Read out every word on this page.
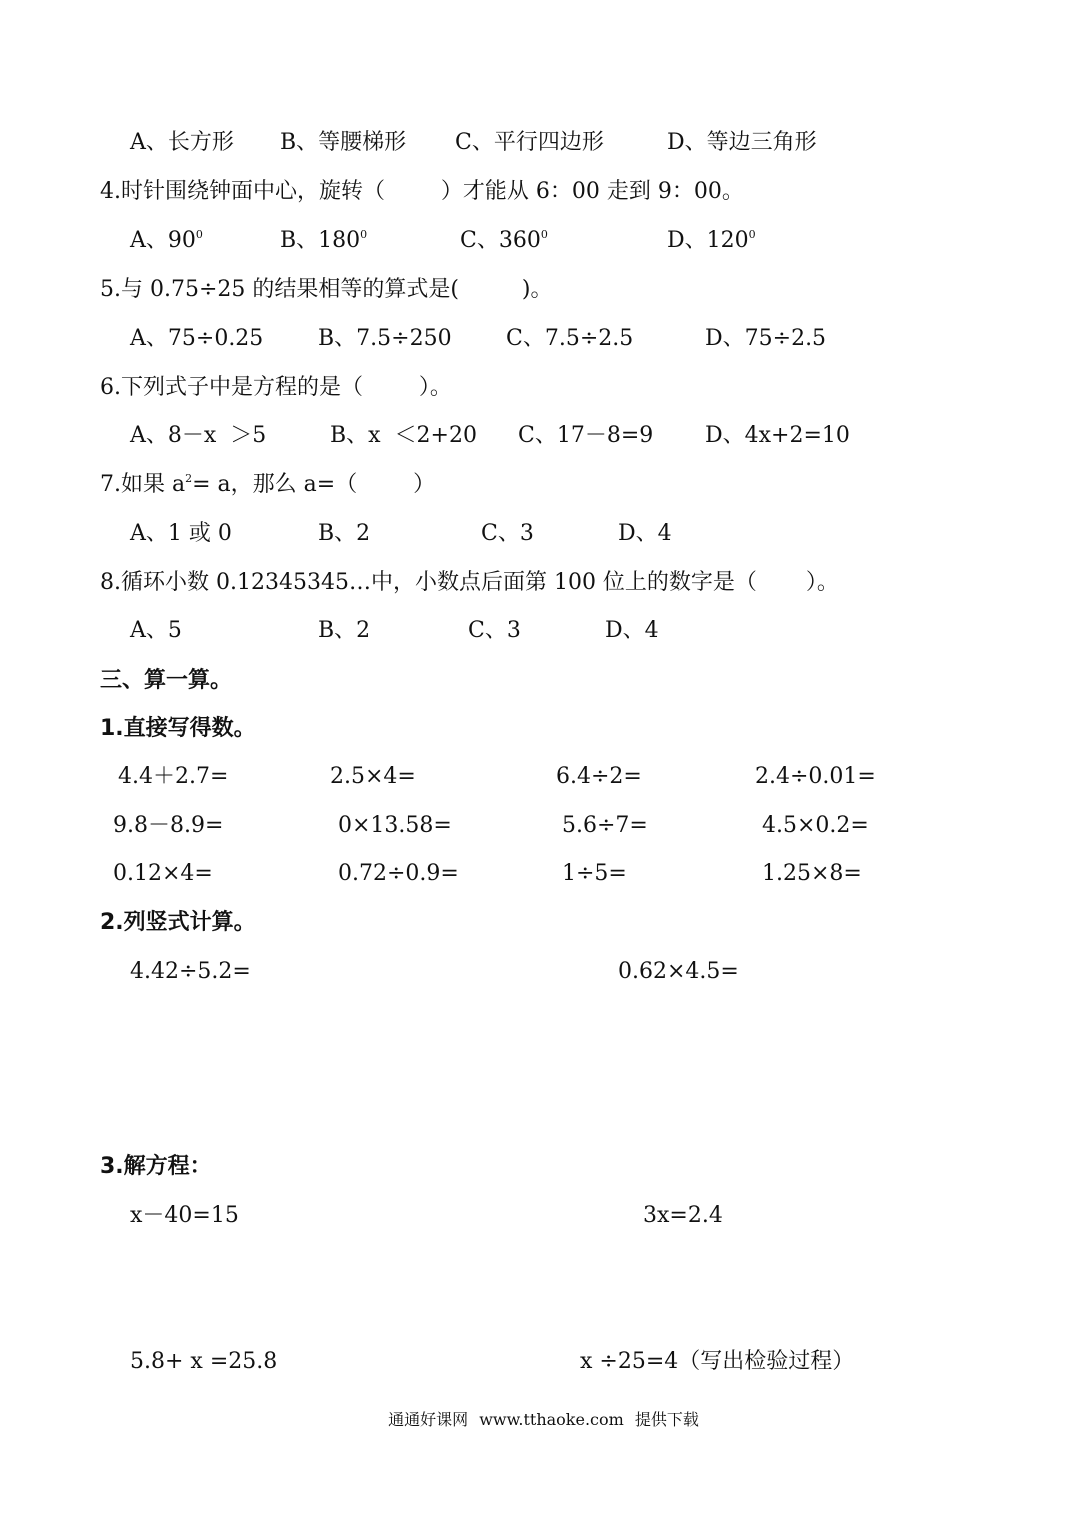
A、长方形 B、等腰梯形 C、平行四边形	D、等边三角形
4.时针围绕钟面中心，旋转（        ）才能从 6：00 走到 9：00。
A、$90^0$	B、$180^0$	C、$360^0$	D、$120^0$
5.与 0.75÷25 的结果相等的算式是(         )。
A、75÷0.25 B、7.5÷250 C、7.5÷2.5	D、75÷2.5
6.下列式子中是方程的是（        ）。
A、8－x  ＞5	B、x  ＜2+20 C、17－8=9 D、4x+2=10
7.如果 $a^2= a$，那么 a=（        ）
A、1 或 0	B、2	C、3	D、4
8.循环小数 0.12345345…中，小数点后面第 100 位上的数字是（       ）。
A、5	B、2	C、3	D、4
三、算一算。
1.直接写得数。
4.4＋2.7=	2.5×4=	6.4÷2=	2.4÷0.01=
9.8－8.9=	0×13.58=	5.6÷7=	4.5×0.2=
0.12×4=	0.72÷0.9=	1÷5=	1.25×8=
2.列竖式计算。
4.42÷5.2=	0.62×4.5=
3.解方程：
x－40=15	3x=2.4
5.8+ x =25.8	x ÷25=4（写出检验过程）
通通好课网 www.tthaoke.com 提供下载
